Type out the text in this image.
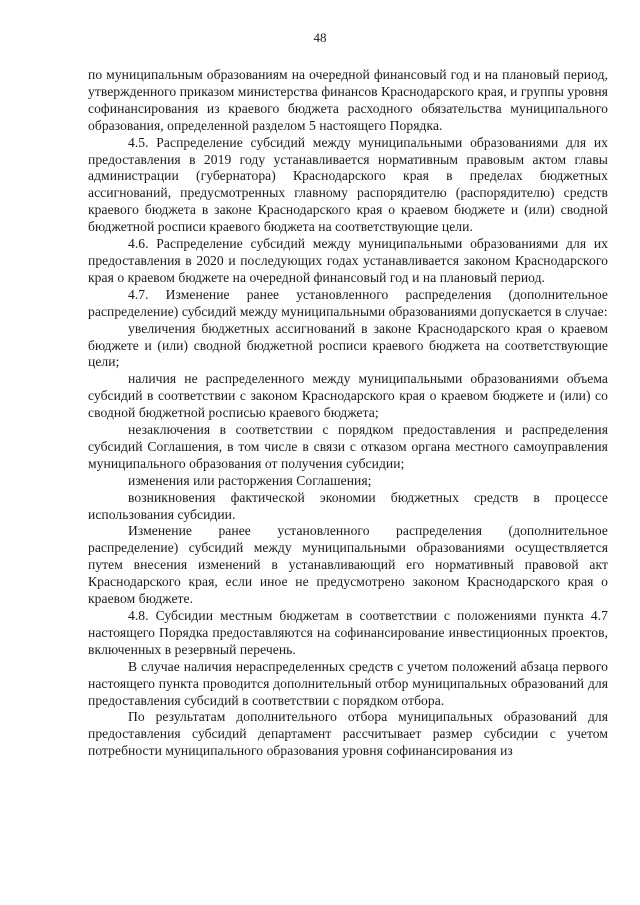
48

по муниципальным образованиям на очередной финансовый год и на плановый период, утвержденного приказом министерства финансов Краснодарского края, и группы уровня софинансирования из краевого бюджета расходного обязательства муниципального образования, определенной разделом 5 настоящего Порядка.

4.5. Распределение субсидий между муниципальными образованиями для их предоставления в 2019 году устанавливается нормативным правовым актом главы администрации (губернатора) Краснодарского края в пределах бюджетных ассигнований, предусмотренных главному распорядителю (распорядителю) средств краевого бюджета в законе Краснодарского края о краевом бюджете и (или) сводной бюджетной росписи краевого бюджета на соответствующие цели.

4.6. Распределение субсидий между муниципальными образованиями для их предоставления в 2020 и последующих годах устанавливается законом Краснодарского края о краевом бюджете на очередной финансовый год и на плановый период.

4.7. Изменение ранее установленного распределения (дополнительное распределение) субсидий между муниципальными образованиями допускается в случае:

увеличения бюджетных ассигнований в законе Краснодарского края о краевом бюджете и (или) сводной бюджетной росписи краевого бюджета на соответствующие цели;

наличия не распределенного между муниципальными образованиями объема субсидий в соответствии с законом Краснодарского края о краевом бюджете и (или) со сводной бюджетной росписью краевого бюджета;

незаключения в соответствии с порядком предоставления и распределения субсидий Соглашения, в том числе в связи с отказом органа местного самоуправления муниципального образования от получения субсидии;

изменения или расторжения Соглашения;

возникновения фактической экономии бюджетных средств в процессе использования субсидии.

Изменение ранее установленного распределения (дополнительное распределение) субсидий между муниципальными образованиями осуществляется путем внесения изменений в устанавливающий его нормативный правовой акт Краснодарского края, если иное не предусмотрено законом Краснодарского края о краевом бюджете.

4.8. Субсидии местным бюджетам в соответствии с положениями пункта 4.7 настоящего Порядка предоставляются на софинансирование инвестиционных проектов, включенных в резервный перечень.

В случае наличия нераспределенных средств с учетом положений абзаца первого настоящего пункта проводится дополнительный отбор муниципальных образований для предоставления субсидий в соответствии с порядком отбора.

По результатам дополнительного отбора муниципальных образований для предоставления субсидий департамент рассчитывает размер субсидии с учетом потребности муниципального образования уровня софинансирования из
